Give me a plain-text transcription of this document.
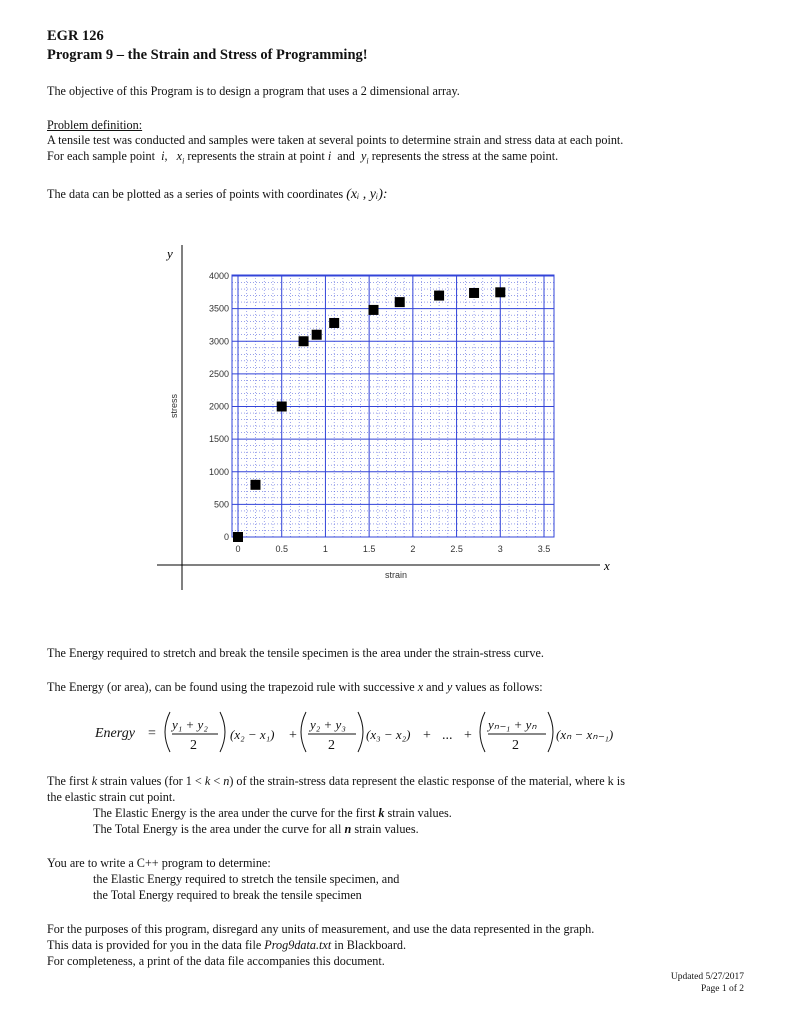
EGR 126
Program 9 – the Strain and Stress of Programming!
The objective of this Program is to design a program that uses a 2 dimensional array.
Problem definition:
A tensile test was conducted and samples were taken at several points to determine strain and stress data at each point.
For each sample point i, $x_i$ represents the strain at point i and $y_i$ represents the stress at the same point.
The data can be plotted as a series of points with coordinates (xᵢ , yᵢ):
y
x
stress
strain
0
500
1000
1500
2000
2500
3000
3500
4000
0	0.5	1	1.5	2	2.5	3	3.5
The Energy required to stretch and break the tensile specimen is the area under the strain-stress curve.
The Energy (or area), can be found using the trapezoid rule with successive x and y values as follows:
Energy =
y₁ + y₂
2
(x₂ − x₁) +
y₂ + y₃
2
(x₃ − x₂) + ... +
yₙ₋₁ + yₙ
2
(xₙ − xₙ₋₁)
The first k strain values (for 1 < k < n) of the strain-stress data represent the elastic response of the material, where k is
the elastic strain cut point.
The Elastic Energy is the area under the curve for the first k strain values.
The Total Energy is the area under the curve for all n strain values.
You are to write a C++ program to determine:
the Elastic Energy required to stretch the tensile specimen, and
the Total Energy required to break the tensile specimen
For the purposes of this program, disregard any units of measurement, and use the data represented in the graph.
This data is provided for you in the data file Prog9data.txt in Blackboard.
For completeness, a print of the data file accompanies this document.
Updated 5/27/2017
Page 1 of 2
